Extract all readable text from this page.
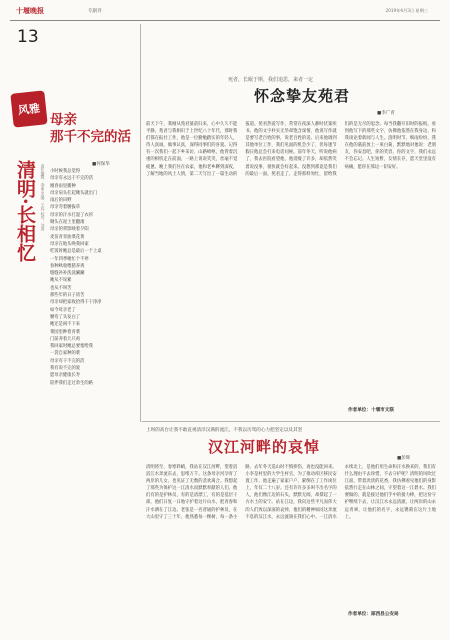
十堰晚报	专副刊	2019年4月3日 星期三
13
风雅
清明·长相忆	责任编辑：李丽 美编：王玮 校对：刘涛
母亲
那千不完的活
■何保华
小时候我总觉得
母亲有永远干不完的活
刚春雨里播种
母亲肩头扛起锄头就出门
雨后的田野
母亲弯着腰拔草
母亲的汗水打湿了衣衫
锄头在泥土里翻滚
母亲的背影映着夕阳
麦苗青青油菜花黄
母亲在地头唤我回家
吃饭时她总是最后一个上桌
一年四季她忙个不停
春种秋收喂猪养鸡
缝缝补补洗洗涮涮
她从不说累
也从不叫苦
那些年的日子清苦
母亲却把家收拾得干干净净
如今母亲老了
腰弯了头发白了
她还是闲不下来
菜园里种着青菜
门前养着几只鸡
我回家时她总要塞给我
一袋自家种的菜
母亲有干不完的活
我有说不完的爱
愿母亲健康长寿
陪伴我们走过余生的路
死者，长眠于斯，我们追思，来者一定
怀念挚友苑君
■李广青
前天下午，我刚从苑君墓前归来，心中久久不能平静。苑君与我相识于上世纪八十年代，那时我们都在报社工作，他是一位勤勉踏实的年轻人，待人真诚，做事认真，深得同事们的喜爱。记得有一次我们一起下乡采访，山路崎岖，他背着沉重的相机走在前面，一路上说说笑笑，丝毫不觉疲惫。晚上我们住在农家，他和老乡聊到深夜，了解当地的风土人情，第二天写出了一篇生动的报道。苑君热爱写作，常常在夜深人静时伏案疾书，他的文字朴实无华却饱含深情，他说写作就是要写老百姓的事，说老百姓的话。后来他调到其他单位工作，我们见面的机会少了，但每逢节假日他总会打来电话问候。前年冬天，听说他病了，我去医院看望他，他消瘦了许多，却依然笑着说没事，很快就会好起来。没想到那竟是我们的最后一面。苑君走了，走得那样匆忙，留给我们的是无尽的思念。每当我翻开旧时的报纸，看到他写下的那些文字，仿佛他依然在我身边，和我谈论着新闻与人生。清明时节，细雨纷纷，我在他的墓前放上一束白菊，默默地对他说：老朋友，你安息吧，你的笑容，你的文字，我们永远不会忘记。人生短暂，友情长存，愿天堂里没有病痛，愿你在那边一切安好。
作者单位：十堰市文联
上坝的高台让我不敢直视清洋汉满的流江，不我以历驾的心力把坚定以及其坚
汉江河畔的哀悼
■彭辉
清明将至，春寒料峭，我站在汉江河畔，望着滔滔江水奔流东去，思绪万千。这条母亲河孕育了两岸的儿女，也见证了无数的悲欢离合。我想起了那些为保护这一江清水而默默奉献的人们，他们有的是护林员，有的是清漂工，有的是基层干部，他们日复一日地守护着这片山水，把青春和汗水洒在了江边。老张是一名普通的护林员，在大山里守了三十年，他熟悉每一棵树，每一条小路，去年冬天巡山时不慎摔伤，再也没能回来。小李是村里的大学生村官，为了推动库区移民安置工作，他走遍了家家户户，累倒在了工作岗位上，年仅二十八岁。还有许许多多叫不出名字的人，他们像江边的石头，默默无闻，却撑起了一方水土的安宁。站在江边，我向这些平凡而伟大的人们致以深深的哀悼，他们的精神如同这奔流不息的汉江水，永远流淌在我们心中。一江清水永续北上，是他们用生命和汗水换来的，我们有什么理由不去珍惜，不去守护呢？清明的风吹过江面，带着淡淡的花香，我仿佛看见他们的身影依然行走在山林之间，守望着这一江碧水。我们要做的，就是接过他们手中的接力棒，把这份守护继续下去，让汉江水永远清澈，让两岸的山永远青翠，让他们的名字，永远镌刻在这片土地上。
作者单位：郧西县公安局
